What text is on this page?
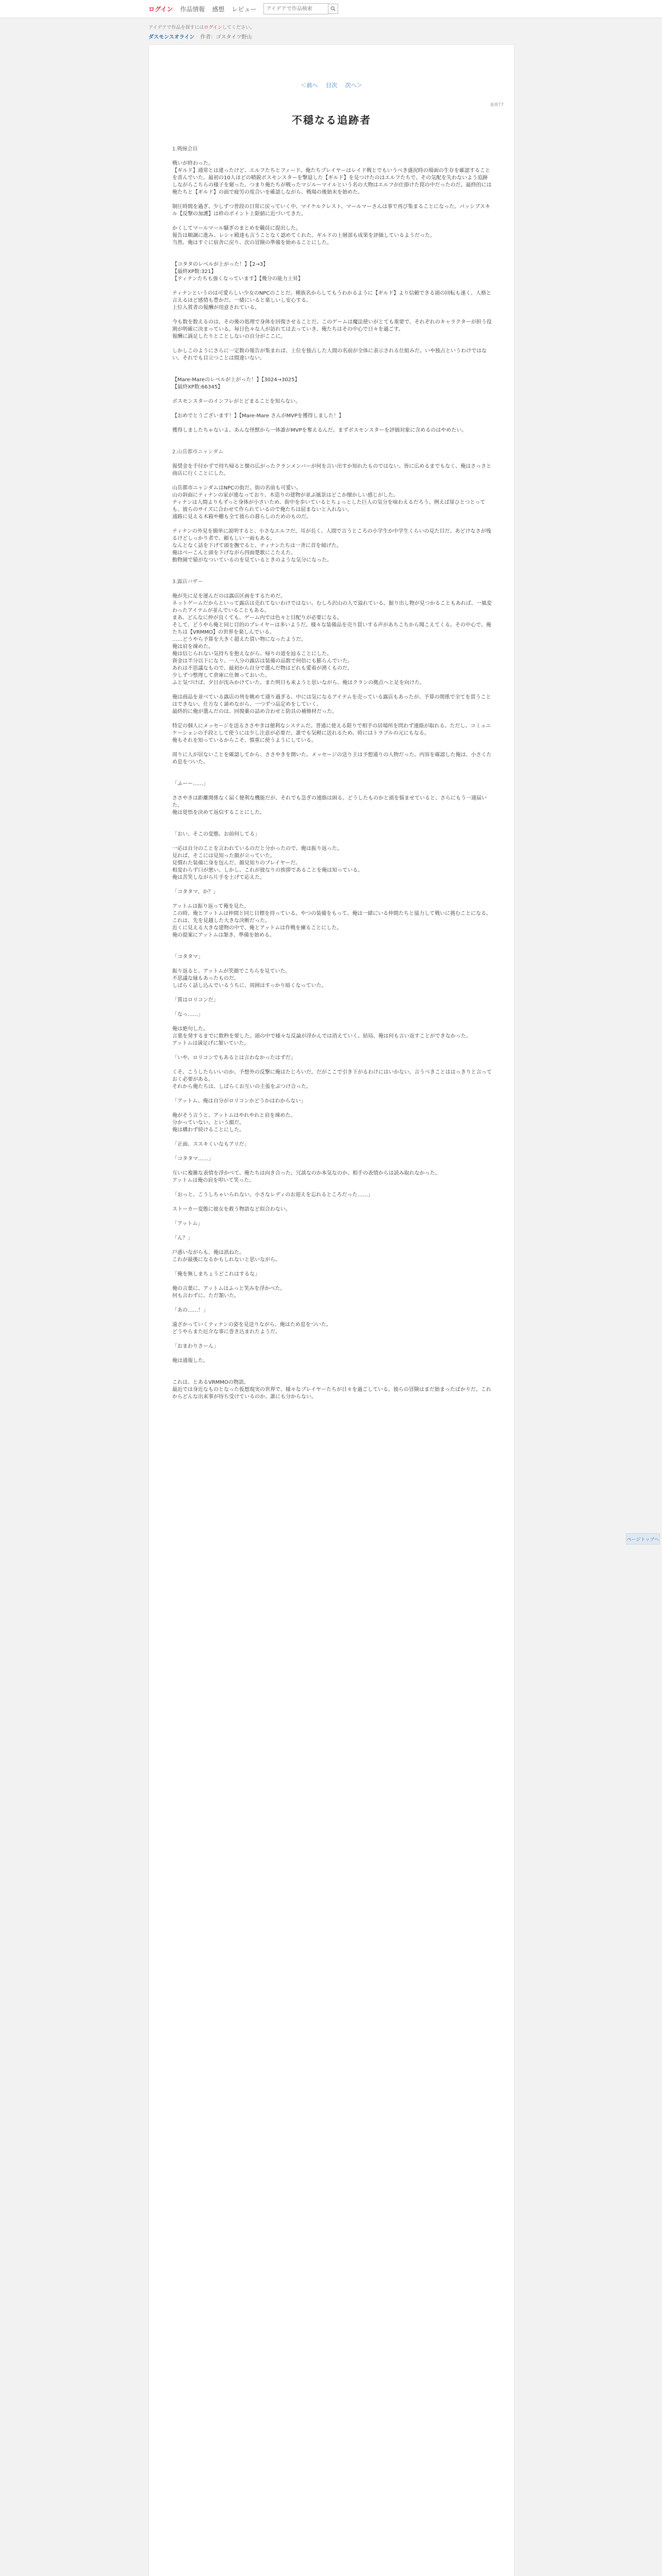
ログイン 作品情報 感想 レビュー
アイデアで作品検索
アイデアで作品を探すにはログインしてください。
ダスモンスオライン 作者：ゴスタイツ野山
＜前へ 目次 次へ＞
8/877
不穏なる追跡者

1.戦線会員

戦いが終わった。
【ギルド】通常とは違ったけど、エルフたちとフィード、俺たちプレイヤーはレイド戦とでもいうべき盛況時の場面の生存を確認することを喜んでいた。最初の10人ほどの精鋭ボスモンスターを撃退した【ギルド】を見つけたのはエルフたちで、その気配を失わないよう追跡しながらこちらの様子を窺った。つまり俺たちが戦ったマジルーマイルという名の大物はエルフが仕掛けた罠の中だったのだ。最終的には俺たちと【ギルド】の面で疲労の度合いを確認しながら、戦場の後始末を始めた。

制圧時間を過ぎ、少しずつ普段の日常に戻っていく中、マイケルクレスト、マールマーさんは事で再び集まることになった。パッシブスキル【反撃の加護】は枠のポイント上限値に近づいてきた。

かくしてマールマール騒ぎのまとめを職員に提出した。
報告は順調に進み、レシャ殿達も言うことなく認めてくれた。ギルドの上層部も成果を評価しているようだった。
当然、俺はすぐに宿舎に戻り、次の冒険の準備を始めることにした。

【コタタのレベルが上がった！】【2→3】
【最終XP数:321】
【ティナンたちも強くなっています】【幾分の能力上昇】

ティナンというのは可愛らしい少女のNPCのことだ。種族名からしてもうわかるように【ギルド】より信頼できる頭の回転も速く、人格と言えるほど感情も豊かだ。一緒にいると楽しいし安心する。
上位入賞者の報酬が用意されている。

今も数を数えるのは、その後の処理で身体を回復させることだ。このゲームは魔法使いがとても重要で、それぞれのキャラクターが担う役割が明確に決まっている。毎日色々な人が訪れては去っていき、俺たちはその中心で日々を過ごす。
報酬に満足したりとことしないの自分がここに。

しかしこのようにさらに一定数の報告が集まれば、上位を独占した人間の名前が全体に表示される仕組みだ。いや独占というわけではない。それでも目立つことは間違いない。

【Mare-Mareのレベルが上がった！】【3024→3025】
【最終XP数:66345】

ボスモンスターのインフレがとどまることを知らない。

【おめでとうございます！】【Mare-Mare さんがMVPを獲得しました！】

獲得しましたちゃないよ、あんな怪獣から一体誰がMVPを奪えるんだ。まずボスモンスターを評価対象に含めるのはやめたい。

2.山岳都市ニャンダム

報奨金を手付かずで持ち帰ると懐の広がったクランメンバーが何を言い出すか知れたものではない。皆に広めるまでもなく、俺はさっさと商店に行くことにした。

山岳都市ニャンダムはNPCの街だ。街の名前も可愛い。
山の斜面にティナンの家が連なっており、木造りの建物が並ぶ風景はどこか懐かしい感じがした。
ティナンは人間よりもずっと身体が小さいため、街中を歩いているとちょっとした巨人の気分を味わえるだろう。例えば扉ひとつとっても、彼らのサイズに合わせて作られているので俺たちは屈まないと入れない。
通路に見える木箱や棚も全て彼らの暮らしのためのものだ。

ティナンの外見を簡単に説明すると、小さなエルフだ。耳が長く、人間で言うところの小学生か中学生くらいの見た目だ。あどけなさが残るけどしっかり者で、頼もしい一面もある。
なんとなく話を下げて頭を撫でると、ティナンたちは一斉に首を傾げた。
俺はベーこんと頭を下げながら四面楚歌にこたえた。
動物園で猿がなついているのを見ているときのような気分になった。

3.露店バザー

俺が先に足を運んだのは露店区画をするためだ。
ネットゲームだからといって露店は売れてないわけではない。むしろ沢山の人で溢れている。掘り出し物が見つかることもあれば、一風変わったアイテムが並んでいることもある。
まあ、どんなに仲が良くても、ゲーム内では色々と目配りが必要になる。
そして、どうやら俺と同じ目的のプレイヤーは多いようだ。様々な装備品を売り買いする声があちこちから聞こえてくる。その中心で、俺たちは【VRMMO】の世界を楽しんでいる。
……どうやら予算を大きく超えた買い物になったようだ。
俺は肩を竦めた。
俺は信じられない気持ちを抱えながら、帰りの道を辿ることにした。
資金は半分以下になり、一人分の露店は装備の品数で何倍にも膨らんでいた。
あれは不思議なもので、最初から自分で選んだ物はどれも愛着が湧くものだ。
少しずつ整理して倉庫に仕舞っておいた。
ふと気づけば、夕日が沈みかけていた。また明日も来ようと思いながら、俺はクランの拠点へと足を向けた。

俺は商品を並べている露店の列を眺めて通り過ぎる。中には気になるアイテムを売っている露店もあったが、予算の関係で全てを買うことはできない。仕方なく諦めながら、一つずつ品定めをしていく。
最終的に俺が選んだのは、回復薬の詰め合わせと防具の補修材だった。

特定の個人にメッセージを送るささやきは便利なシステムだ。普通に使える限りで相手の居場所を問わず連絡が取れる。ただし、コミュニケーションの手段として使うには少し注意が必要だ。誰でも気軽に送れるため、時にはトラブルの元にもなる。
俺もそれを知っているからこそ、慎重に使うようにしている。

周りに人が居ないことを確認してから、ささやきを開いた。メッセージの送り主は予想通りの人物だった。内容を確認した俺は、小さくため息をついた。

「ふーー……」

ささやきは距離関係なく届く便利な機能だが、それでも急ぎの連絡は困る。どうしたものかと頭を悩ませていると、さらにもう一通届いた。
俺は覚悟を決めて返信することにした。

「おい、そこの変態、お前何してる」

一応は自分のことを言われているのだと分かったので、俺は振り返った。
見れば、そこには見知った顔が立っていた。
見慣れた装備に身を包んだ、顔見知りのプレイヤーだ。
相変わらず口が悪い。しかし、これが彼なりの挨拶であることを俺は知っている。
俺は苦笑しながら片手を上げて応えた。

「コタタマ、か？」

アットムは振り返って俺を見た。
この時、俺とアットムは仲間と同じ目標を持っている。やつの装備をもって、俺は一緒にいる仲間たちと協力して戦いに挑むことになる。これは、先を見越した大きな決断だった。
近くに見える大きな建物の中で、俺とアットムは作戦を練ることにした。
俺の提案にアットムは頷き、準備を始める。

「コタタマ」

振り返ると、アットムが笑顔でこちらを見ていた。
不思議な縁もあったものだ。
しばらく話し込んでいるうちに、周囲はすっかり暗くなっていた。

「賞はロリコンだ」

「なっ……」

俺は絶句した。
言葉を発するまでに数秒を要した。頭の中で様々な反論が浮かんでは消えていく。結局、俺は何も言い返すことができなかった。
アットムは満足げに頷いていた。

「いや、ロリコンでもあるとは言わなかったはずだ」

くそ。こうしたらいいのか、予想外の反撃に俺はたじろいだ。だがここで引き下がるわけにはいかない。言うべきことははっきりと言っておく必要がある。
それから俺たちは、しばらくお互いの主張をぶつけ合った。

「アットム。俺は自分がロリコンかどうかはわからない」

俺がそう言うと、アットムはやれやれと肩を竦めた。
分かっていない、という顔だ。
俺は構わず続けることにした。

「正面、ススキくいなもアリだ」

「コタタマ……」

互いに複雑な表情を浮かべて、俺たちは向き合った。冗談なのか本気なのか、相手の表情からは読み取れなかった。
アットムは俺の肩を叩いて笑った。

「おっと、こうしちゃいられない。小さなレディのお迎えを忘れるところだった……」

ストーカー変態に彼女を救う物語など似合わない。

「アットム」

「ん？」

戸惑いながらも、俺は訊ねた。
これが最後になるかもしれないと思いながら。

「俺を無しまちょうどこれはするな」

俺の言葉に、アットムはふっと笑みを浮かべた。
何も言わずに、ただ頷いた。

「あの……！」

遠ざかっていくティナンの姿を見送りながら、俺はため息をついた。
どうやらまた厄介な事に巻き込まれたようだ。

「おまわりさーん」

俺は通報した。

これは、とあるVRMMOの物語。
最近では身近なものとなった仮想現実の世界で、様々なプレイヤーたちが日々を過ごしている。彼らの冒険はまだ始まったばかりだ。これからどんな出来事が待ち受けているのか、誰にも分からない。

ページトップへ
